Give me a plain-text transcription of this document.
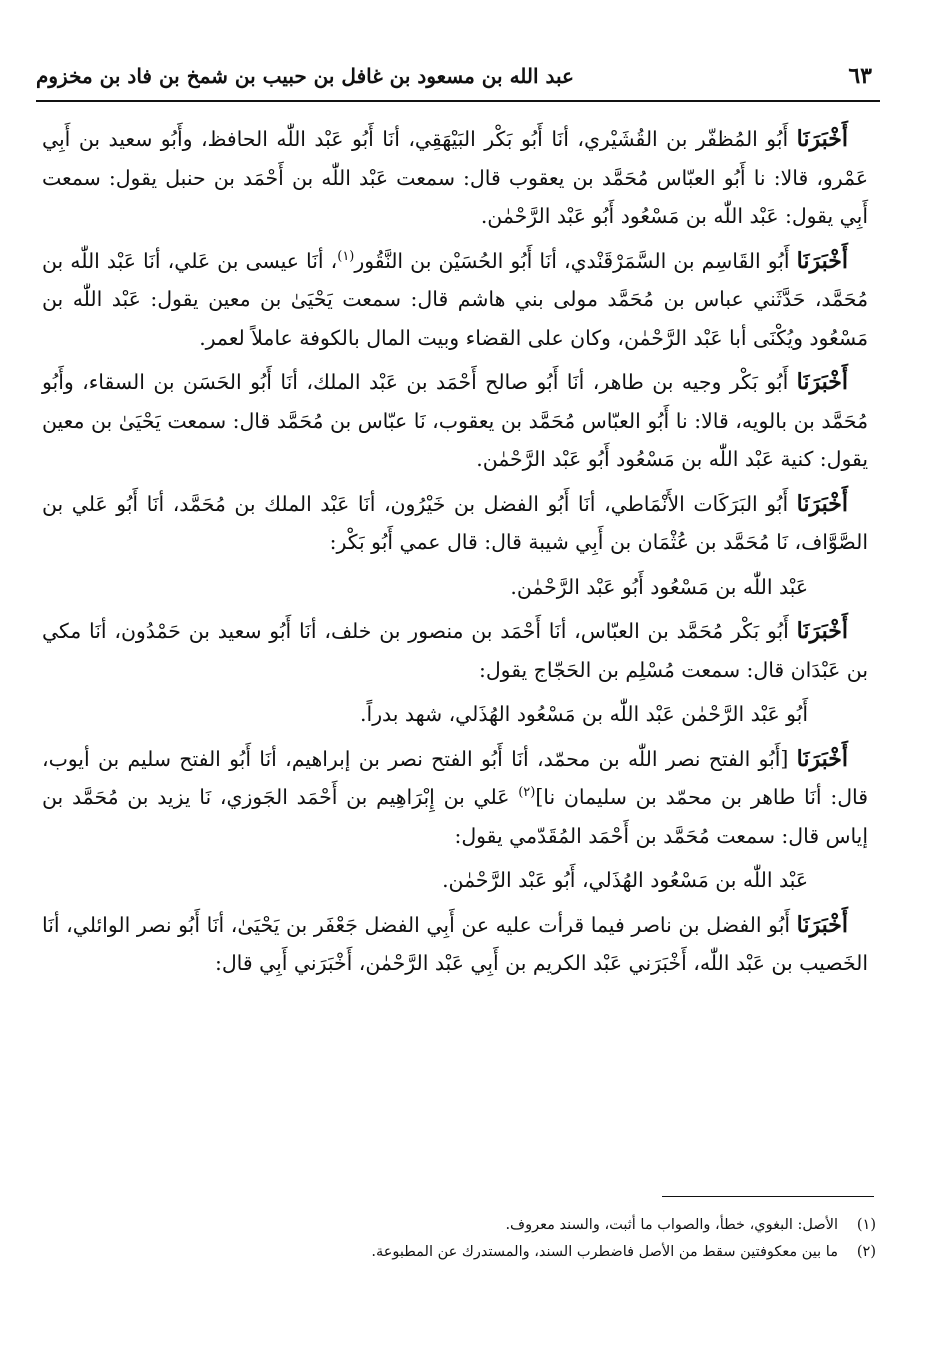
عبد الله بن مسعود بن غافل بن حبيب بن شمخ بن فاد بن مخزوم	٦٣

أَخْبَرَنَا أَبُو المُظفّر بن القُشَيْري، أنَا أَبُو بَكْر البَيْهَقِي، أنَا أَبُو عَبْد اللّٰه الحافظ، وأَبُو سعيد بن أَبِي عَمْرو، قالا: نا أَبُو العبّاس مُحَمَّد بن يعقوب قال: سمعت عَبْد اللّٰه بن أَحْمَد بن حنبل يقول: سمعت أَبِي يقول: عَبْد اللّٰه بن مَسْعُود أَبُو عَبْد الرَّحْمٰن.

أَخْبَرَنَا أَبُو القَاسِم بن السَّمَرْقَنْدي، أنَا أَبُو الحُسَيْن بن النَّقُور$^{(١)}$، أنَا عيسى بن عَلي، أنَا عَبْد اللّٰه بن مُحَمَّد، حَدَّثَني عباس بن مُحَمَّد مولى بني هاشم قال: سمعت يَحْيَىٰ بن معين يقول: عَبْد اللّٰه بن مَسْعُود ويُكْنَى أبا عَبْد الرَّحْمٰن، وكان على القضاء وبيت المال بالكوفة عاملاً لعمر.

أَخْبَرَنَا أَبُو بَكْر وجيه بن طاهر، أنَا أَبُو صالح أَحْمَد بن عَبْد الملك، أنَا أَبُو الحَسَن بن السقاء، وأَبُو مُحَمَّد بن بالويه، قالا: نا أَبُو العبّاس مُحَمَّد بن يعقوب، نَا عبّاس بن مُحَمَّد قال: سمعت يَحْيَىٰ بن معين يقول: كنية عَبْد اللّٰه بن مَسْعُود أَبُو عَبْد الرَّحْمٰن.

أَخْبَرَنَا أَبُو البَرَكَات الأَنْمَاطي، أنَا أَبُو الفضل بن خَيْرُون، أنَا عَبْد الملك بن مُحَمَّد، أنَا أَبُو عَلي بن الصَّوَّاف، نَا مُحَمَّد بن عُثْمَان بن أَبِي شيبة قال: قال عمي أَبُو بَكْر:

عَبْد اللّٰه بن مَسْعُود أَبُو عَبْد الرَّحْمٰن.

أَخْبَرَنَا أَبُو بَكْر مُحَمَّد بن العبّاس، أنَا أَحْمَد بن منصور بن خلف، أنَا أَبُو سعيد بن حَمْدُون، أنَا مكي بن عَبْدَان قال: سمعت مُسْلِم بن الحَجّاج يقول:

أَبُو عَبْد الرَّحْمٰن عَبْد اللّٰه بن مَسْعُود الهُذَلي، شهد بدراً.

أَخْبَرَنَا [أَبُو الفتح نصر اللّٰه بن محمّد، أنَا أَبُو الفتح نصر بن إبراهيم، أنَا أَبُو الفتح سليم بن أيوب، قال: أنَا طاهر بن محمّد بن سليمان نا]$^{(٢)}$ عَلي بن إِبْرَاهِيم بن أَحْمَد الجَوزي، نَا يزيد بن مُحَمَّد بن إياس قال: سمعت مُحَمَّد بن أَحْمَد المُقَدّمي يقول:

عَبْد اللّٰه بن مَسْعُود الهُذَلي، أَبُو عَبْد الرَّحْمٰن.

أَخْبَرَنَا أَبُو الفضل بن ناصر فيما قرأت عليه عن أَبِي الفضل جَعْفَر بن يَحْيَىٰ، أنَا أَبُو نصر الوائلي، أنَا الخَصيب بن عَبْد اللّٰه، أَخْبَرَني عَبْد الكريم بن أَبِي عَبْد الرَّحْمٰن، أَخْبَرَني أَبِي قال:

(١)الأصل: البغوي، خطأ، والصواب ما أثبت، والسند معروف.

(٢)ما بين معكوفتين سقط من الأصل فاضطرب السند، والمستدرك عن المطبوعة.
